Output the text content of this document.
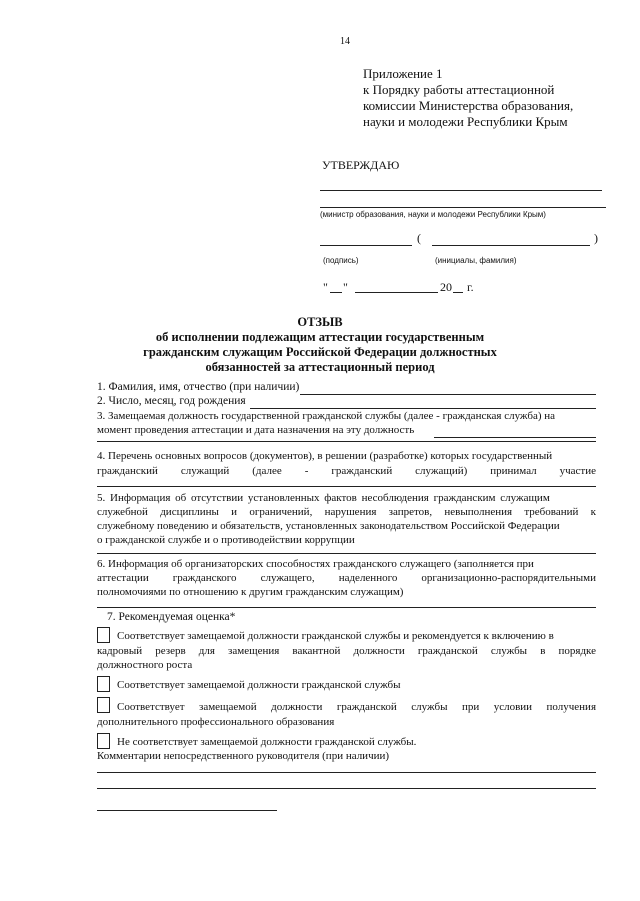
14
Приложение 1
к Порядку работы аттестационной
комиссии Министерства образования,
науки и молодежи Республики Крым
УТВЕРЖДАЮ
(министр образования, науки и молодежи Республики Крым)
(	)
(подпись)	(инициалы, фамилия)
" "	20 г.
ОТЗЫВ
об исполнении подлежащим аттестации государственным
гражданским служащим Российской Федерации должностных
обязанностей за аттестационный период
1. Фамилия, имя, отчество (при наличии)
2. Число, месяц, год рождения
3. Замещаемая должность государственной гражданской службы (далее - гражданская служба) на
момент проведения аттестации и дата назначения на эту должность
4. Перечень основных вопросов (документов), в решении (разработке) которых государственный
гражданский служащий (далее - гражданский служащий) принимал участие
5. Информация об отсутствии установленных фактов несоблюдения гражданским служащим
служебной дисциплины и ограничений, нарушения запретов, невыполнения требований к
служебному поведению и обязательств, установленных законодательством Российской Федерации
о гражданской службе и о противодействии коррупции
6. Информация об организаторских способностях гражданского служащего (заполняется при
аттестации гражданского служащего, наделенного организационно-распорядительными
полномочиями по отношению к другим гражданским служащим)
7. Рекомендуемая оценка*
Соответствует замещаемой должности гражданской службы и рекомендуется к включению в
кадровый резерв для замещения вакантной должности гражданской службы в порядке
должностного роста
Соответствует замещаемой должности гражданской службы
Соответствует замещаемой должности гражданской службы при условии получения
дополнительного профессионального образования
Не соответствует замещаемой должности гражданской службы.
Комментарии непосредственного руководителя (при наличии)
